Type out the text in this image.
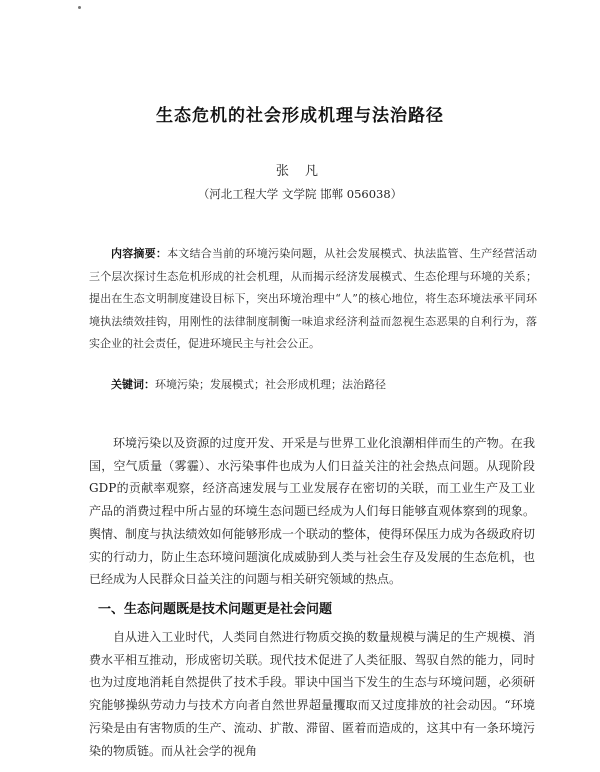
生态危机的社会形成机理与法治路径
张 凡
（河北工程大学 文学院 邯郸 056038）
内容摘要：本文结合当前的环境污染问题，从社会发展模式、执法监管、生产经营活动三个层次探讨生态危机形成的社会机理，从而揭示经济发展模式、生态伦理与环境的关系；提出在生态文明制度建设目标下，突出环境治理中“人”的核心地位，将生态环境法承平同环境执法绩效挂钩，用刚性的法律制度制衡一味追求经济利益而忽视生态恶果的自利行为，落实企业的社会责任，促进环境民主与社会公正。
关键词：环境污染；发展模式；社会形成机理；法治路径
环境污染以及资源的过度开发、开采是与世界工业化浪潮相伴而生的产物。在我国，空气质量（雾霾）、水污染事件也成为人们日益关注的社会热点问题。从现阶段GDP的贡献率观察，经济高速发展与工业发展存在密切的关联，而工业生产及工业产品的消费过程中所占显的环境生态问题已经成为人们每日能够直观体察到的现象。舆情、制度与执法绩效如何能够形成一个联动的整体，使得环保压力成为各级政府切实的行动力，防止生态环境问题演化成威胁到人类与社会生存及发展的生态危机，也已经成为人民群众日益关注的问题与相关研究领域的热点。
一、生态问题既是技术问题更是社会问题
自从进入工业时代，人类同自然进行物质交换的数量规模与满足的生产规模、消费水平相互推动，形成密切关联。现代技术促进了人类征服、驾驭自然的能力，同时也为过度地消耗自然提供了技术手段。罪诀中国当下发生的生态与环境问题，必须研究能够操纵劳动力与技术方向者自然世界超量攫取而又过度排放的社会动因。“环境污染是由有害物质的生产、流动、扩散、滞留、匿着而造成的，这其中有一条环境污染的物质链。而从社会学的视角
